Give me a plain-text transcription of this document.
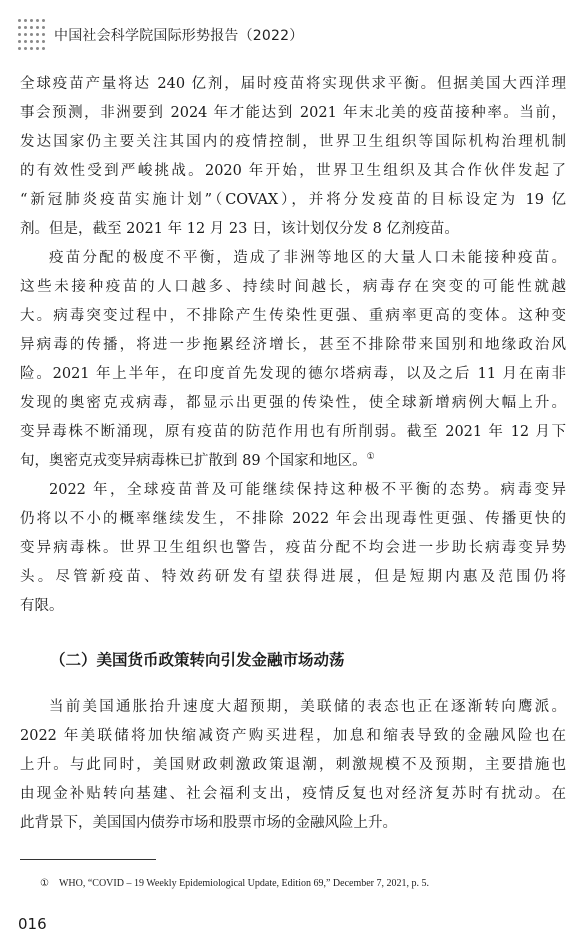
中国社会科学院国际形势报告（2022）
全球疫苗产量将达 240 亿剂，届时疫苗将实现供求平衡。但据美国大西洋理
事会预测，非洲要到 2024 年才能达到 2021 年末北美的疫苗接种率。当前，
发达国家仍主要关注其国内的疫情控制，世界卫生组织等国际机构治理机制
的有效性受到严峻挑战。2020 年开始，世界卫生组织及其合作伙伴发起了
“新冠肺炎疫苗实施计划”（COVAX），并将分发疫苗的目标设定为 19 亿
剂。但是，截至 2021 年 12 月 23 日，该计划仅分发 8 亿剂疫苗。
疫苗分配的极度不平衡，造成了非洲等地区的大量人口未能接种疫苗。
这些未接种疫苗的人口越多、持续时间越长，病毒存在突变的可能性就越
大。病毒突变过程中，不排除产生传染性更强、重病率更高的变体。这种变
异病毒的传播，将进一步拖累经济增长，甚至不排除带来国别和地缘政治风
险。2021 年上半年，在印度首先发现的德尔塔病毒，以及之后 11 月在南非
发现的奥密克戎病毒，都显示出更强的传染性，使全球新增病例大幅上升。
变异毒株不断涌现，原有疫苗的防范作用也有所削弱。截至 2021 年 12 月下
旬，奥密克戎变异病毒株已扩散到 89 个国家和地区。①
2022 年，全球疫苗普及可能继续保持这种极不平衡的态势。病毒变异
仍将以不小的概率继续发生，不排除 2022 年会出现毒性更强、传播更快的
变异病毒株。世界卫生组织也警告，疫苗分配不均会进一步助长病毒变异势
头。尽管新疫苗、特效药研发有望获得进展，但是短期内惠及范围仍将
有限。
（二）美国货币政策转向引发金融市场动荡
当前美国通胀抬升速度大超预期，美联储的表态也正在逐渐转向鹰派。
2022 年美联储将加快缩减资产购买进程，加息和缩表导致的金融风险也在
上升。与此同时，美国财政刺激政策退潮，刺激规模不及预期，主要措施也
由现金补贴转向基建、社会福利支出，疫情反复也对经济复苏时有扰动。在
此背景下，美国国内债券市场和股票市场的金融风险上升。
① WHO, “COVID – 19 Weekly Epidemiological Update, Edition 69,” December 7, 2021, p. 5.
016
